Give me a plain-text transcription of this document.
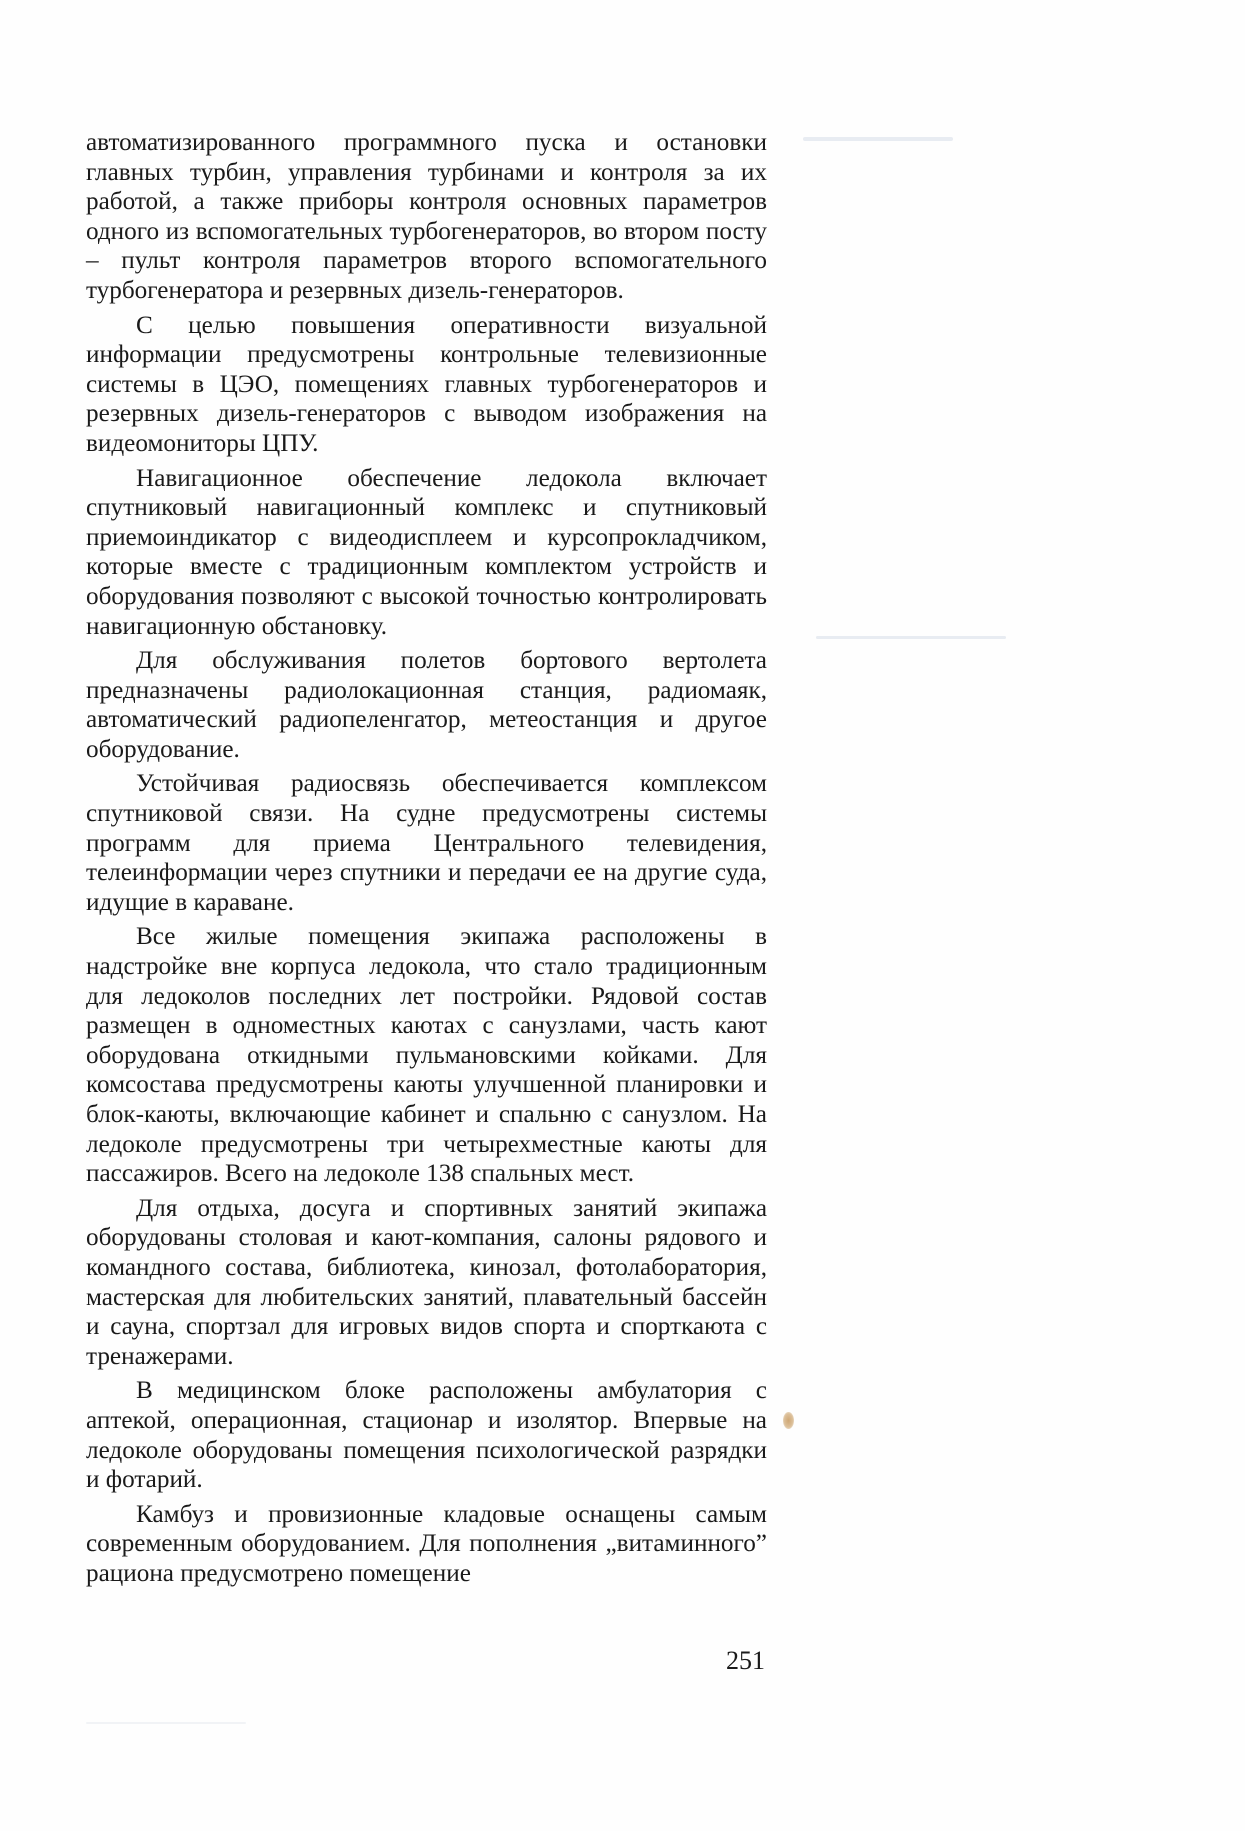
автоматизированного программного пуска и остановки главных турбин, управления турбинами и контроля за их работой, а также приборы контроля основных параметров одного из вспомогательных турбогенераторов, во втором посту – пульт контроля параметров второго вспомогательного турбогенератора и резервных дизель-генераторов.

С целью повышения оперативности визуальной информации предусмотрены контрольные телевизионные системы в ЦЭО, помещениях главных турбогенераторов и резервных дизель-генераторов с выводом изображения на видеомониторы ЦПУ.

Навигационное обеспечение ледокола включает спутниковый навигационный комплекс и спутниковый приемоиндикатор с видеодисплеем и курсопрокладчиком, которые вместе с традиционным комплектом устройств и оборудования позволяют с высокой точностью контролировать навигационную обстановку.

Для обслуживания полетов бортового вертолета предназначены радиолокационная станция, радиомаяк, автоматический радиопеленгатор, метеостанция и другое оборудование.

Устойчивая радиосвязь обеспечивается комплексом спутниковой связи. На судне предусмотрены системы программ для приема Центрального телевидения, телеинформации через спутники и передачи ее на другие суда, идущие в караване.

Все жилые помещения экипажа расположены в надстройке вне корпуса ледокола, что стало традиционным для ледоколов последних лет постройки. Рядовой состав размещен в одноместных каютах с санузлами, часть кают оборудована откидными пульмановскими койками. Для комсостава предусмотрены каюты улучшенной планировки и блок-каюты, включающие кабинет и спальню с санузлом. На ледоколе предусмотрены три четырехместные каюты для пассажиров. Всего на ледоколе 138 спальных мест.

Для отдыха, досуга и спортивных занятий экипажа оборудованы столовая и кают-компания, салоны рядового и командного состава, библиотека, кинозал, фотолаборатория, мастерская для любительских занятий, плавательный бассейн и сауна, спортзал для игровых видов спорта и спорткаюта с тренажерами.

В медицинском блоке расположены амбулатория с аптекой, операционная, стационар и изолятор. Впервые на ледоколе оборудованы помещения психологической разрядки и фотарий.

Камбуз и провизионные кладовые оснащены самым современным оборудованием. Для пополнения „витаминного” рациона предусмотрено помещение

251
